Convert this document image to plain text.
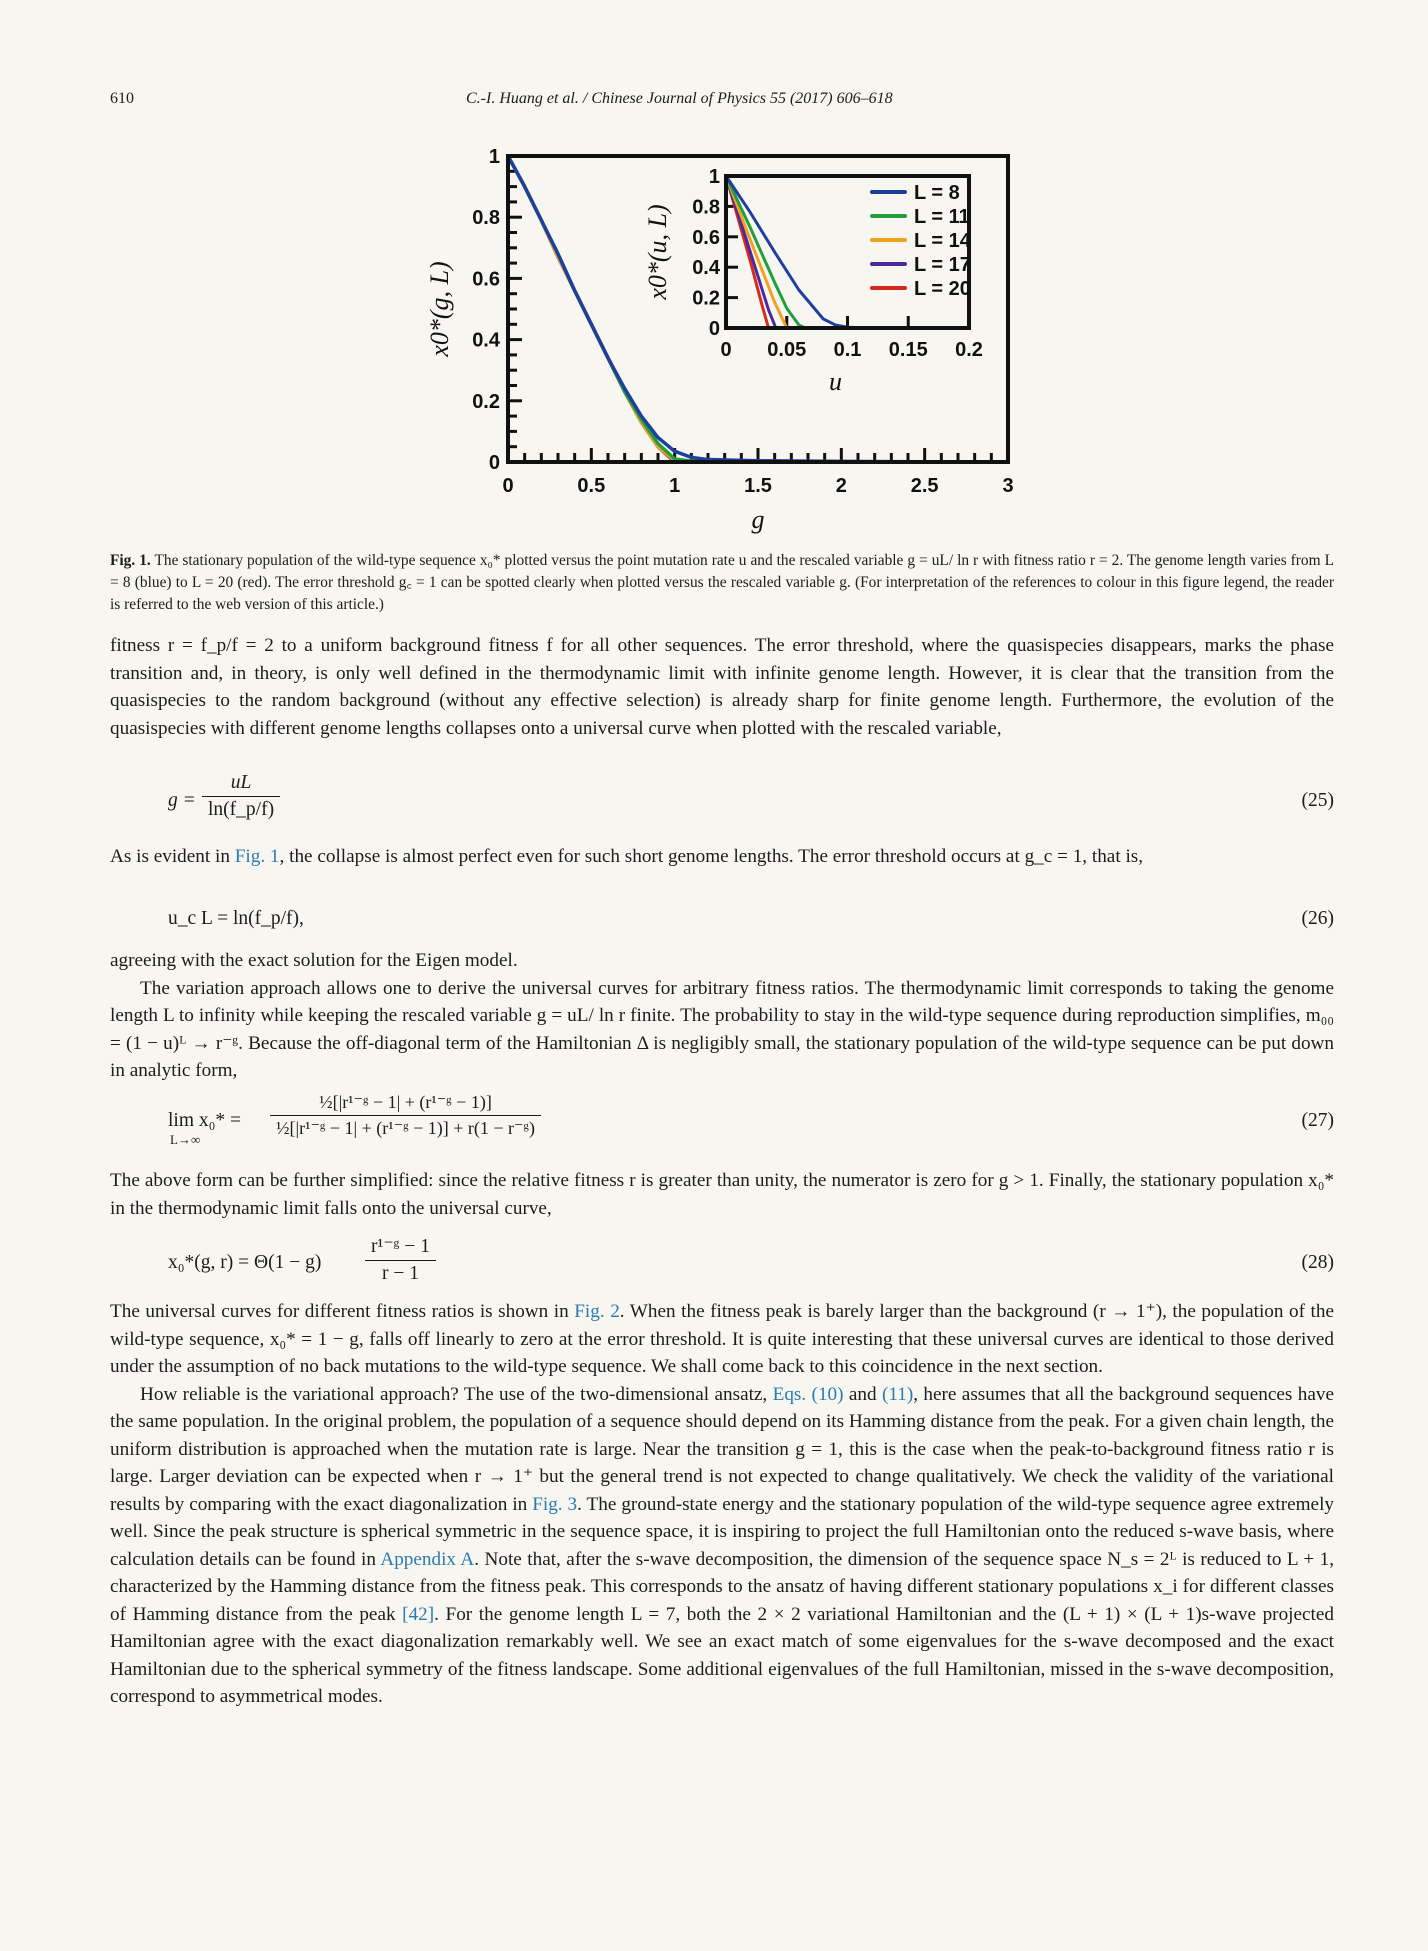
610	C.-I. Huang et al. / Chinese Journal of Physics 55 (2017) 606–618
0	0.5	1	1.5	2	2.5	3
0
0.2
0.4
0.6
0.8
1
g
x0*(g, L)	0 0.05 0.1 0.15 0.2
0
0.2
0.4
0.6
0.8
1
u
x0*(u, L)
L = 8
L = 11
L = 14
L = 17
L = 20
Fig. 1. The stationary population of the wild-type sequence x₀* plotted versus the point mutation rate u and the rescaled variable g = uL/ ln r with fitness ratio r = 2. The genome length varies from L = 8 (blue) to L = 20 (red). The error threshold g꜀ = 1 can be spotted clearly when plotted versus the rescaled variable g. (For interpretation of the references to colour in this figure legend, the reader is referred to the web version of this article.)

fitness r = f_p/f = 2 to a uniform background fitness f for all other sequences. The error threshold, where the quasispecies disappears, marks the phase transition and, in theory, is only well defined in the thermodynamic limit with infinite genome length. However, it is clear that the transition from the quasispecies to the random background (without any effective selection) is already sharp for finite genome length. Furthermore, the evolution of the quasispecies with different genome lengths collapses onto a universal curve when plotted with the rescaled variable,

$g = \frac{uL}{\ln(f\_p/f)}$	(25)

As is evident in Fig. 1, the collapse is almost perfect even for such short genome lengths. The error threshold occurs at g_c = 1, that is,

u_c L = ln(f_p/f),	(26)

agreeing with the exact solution for the Eigen model.

The variation approach allows one to derive the universal curves for arbitrary fitness ratios. The thermodynamic limit corresponds to taking the genome length L to infinity while keeping the rescaled variable g = uL/ ln r finite. The probability to stay in the wild-type sequence during reproduction simplifies, m₀₀ = (1 − u)ᴸ → r⁻ᵍ. Because the off-diagonal term of the Hamiltonian Δ is negligibly small, the stationary population of the wild-type sequence can be put down in analytic form,

lim x₀* =
L→∞
$\frac{\text{½[|r¹⁻ᵍ − 1| + (r¹⁻ᵍ − 1)]}}{\text{½[|r¹⁻ᵍ − 1| + (r¹⁻ᵍ − 1)] + r(1 − r⁻ᵍ)}}$	(27)

The above form can be further simplified: since the relative fitness r is greater than unity, the numerator is zero for g > 1. Finally, the stationary population x₀* in the thermodynamic limit falls onto the universal curve,

x₀*(g, $r) = \Theta(1 - g) \frac{\text{r¹⁻ᵍ − 1}}{r - 1}$	(28)

The universal curves for different fitness ratios is shown in Fig. 2. When the fitness peak is barely larger than the background (r → 1⁺), the population of the wild-type sequence, x₀* = 1 − g, falls off linearly to zero at the error threshold. It is quite interesting that these universal curves are identical to those derived under the assumption of no back mutations to the wild-type sequence. We shall come back to this coincidence in the next section.

How reliable is the variational approach? The use of the two-dimensional ansatz, Eqs. (10) and (11), here assumes that all the background sequences have the same population. In the original problem, the population of a sequence should depend on its Hamming distance from the peak. For a given chain length, the uniform distribution is approached when the mutation rate is large. Near the transition g = 1, this is the case when the peak-to-background fitness ratio r is large. Larger deviation can be expected when r → 1⁺ but the general trend is not expected to change qualitatively. We check the validity of the variational results by comparing with the exact diagonalization in Fig. 3. The ground-state energy and the stationary population of the wild-type sequence agree extremely well. Since the peak structure is spherical symmetric in the sequence space, it is inspiring to project the full Hamiltonian onto the reduced s-wave basis, where calculation details can be found in Appendix A. Note that, after the s-wave decomposition, the dimension of the sequence space N_s = 2ᴸ is reduced to L + 1, characterized by the Hamming distance from the fitness peak. This corresponds to the ansatz of having different stationary populations x_i for different classes of Hamming distance from the peak [42]. For the genome length L = 7, both the 2 × 2 variational Hamiltonian and the (L + 1) × (L + 1)s-wave projected Hamiltonian agree with the exact diagonalization remarkably well. We see an exact match of some eigenvalues for the s-wave decomposed and the exact Hamiltonian due to the spherical symmetry of the fitness landscape. Some additional eigenvalues of the full Hamiltonian, missed in the s-wave decomposition, correspond to asymmetrical modes.
